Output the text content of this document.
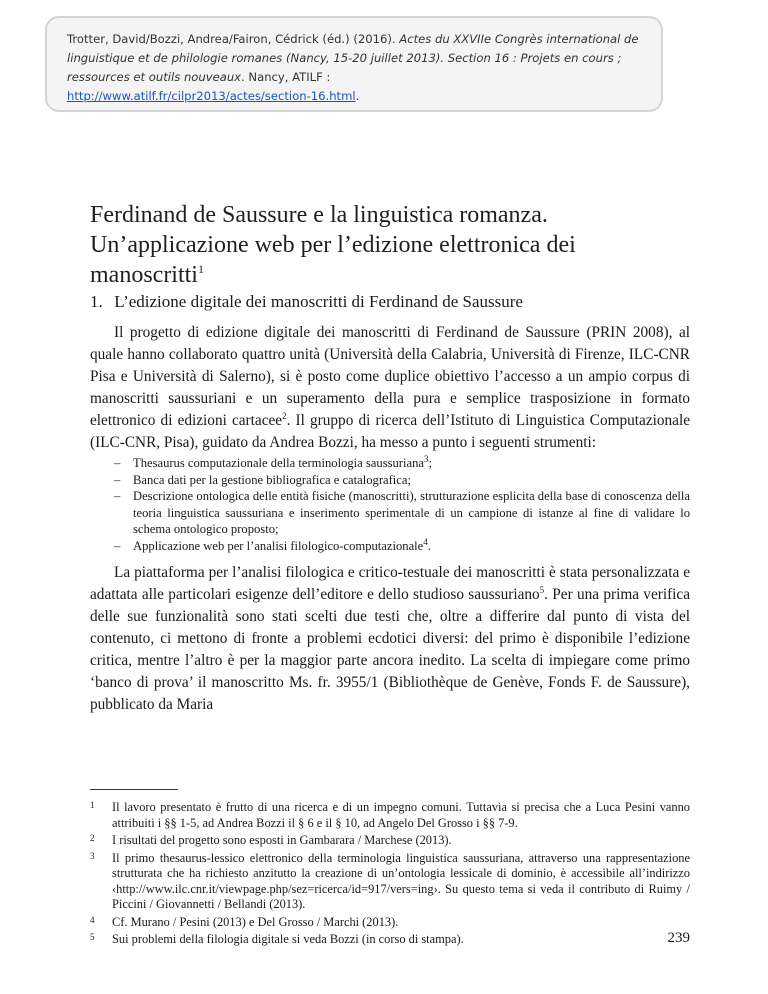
Trotter, David/Bozzi, Andrea/Fairon, Cédrick (éd.) (2016). Actes du XXVIIe Congrès international de linguistique et de philologie romanes (Nancy, 15-20 juillet 2013). Section 16 : Projets en cours ; ressources et outils nouveaux. Nancy, ATILF :
http://www.atilf.fr/cilpr2013/actes/section-16.html.
Ferdinand de Saussure e la linguistica romanza.
Un’applicazione web per l’edizione elettronica dei manoscritti$^1$
1. L’edizione digitale dei manoscritti di Ferdinand de Saussure

Il progetto di edizione digitale dei manoscritti di Ferdinand de Saussure (PRIN 2008), al quale hanno collaborato quattro unità (Università della Calabria, Università di Firenze, ILC-CNR Pisa e Università di Salerno), si è posto come duplice obiettivo l’accesso a un ampio corpus di manoscritti saussuriani e un superamento della pura e semplice trasposizione in formato elettronico di edizioni cartacee$^2$. Il gruppo di ricerca dell’Istituto di Linguistica Computazionale (ILC-CNR, Pisa), guidato da Andrea Bozzi, ha messo a punto i seguenti strumenti:

– Thesaurus computazionale della terminologia saussuriana$^3$;
– Banca dati per la gestione bibliografica e catalografica;
– Descrizione ontologica delle entità fisiche (manoscritti), strutturazione esplicita della base di conoscenza della teoria linguistica saussuriana e inserimento sperimentale di un campione di istanze al fine di validare lo schema ontologico proposto;
– Applicazione web per l’analisi filologico-computazionale$^4$.

La piattaforma per l’analisi filologica e critico-testuale dei manoscritti è stata personalizzata e adattata alle particolari esigenze dell’editore e dello studioso saussuriano$^5$. Per una prima verifica delle sue funzionalità sono stati scelti due testi che, oltre a differire dal punto di vista del contenuto, ci mettono di fronte a problemi ecdotici diversi: del primo è disponibile l’edizione critica, mentre l’altro è per la maggior parte ancora inedito. La scelta di impiegare come primo ‘banco di prova’ il manoscritto Ms. fr. 3955/1 (Bibliothèque de Genève, Fonds F. de Saussure), pubblicato da Maria

1 Il lavoro presentato è frutto di una ricerca e di un impegno comuni. Tuttavia si precisa che a Luca Pesini vanno attribuiti i §§ 1-5, ad Andrea Bozzi il § 6 e il § 10, ad Angelo Del Grosso i §§ 7-9.
2 I risultati del progetto sono esposti in Gambarara / Marchese (2013).
3 Il primo thesaurus-lessico elettronico della terminologia linguistica saussuriana, attraverso una rappresentazione strutturata che ha richiesto anzitutto la creazione di un’ontologia lessicale di dominio, è accessibile all’indirizzo ‹http://www.ilc.cnr.it/viewpage.php/sez=ricerca/id=917/vers=ing›. Su questo tema si veda il contributo di Ruimy / Piccini / Giovannetti / Bellandi (2013).
4 Cf. Murano / Pesini (2013) e Del Grosso / Marchi (2013).
5 Sui problemi della filologia digitale si veda Bozzi (in corso di stampa).	239
